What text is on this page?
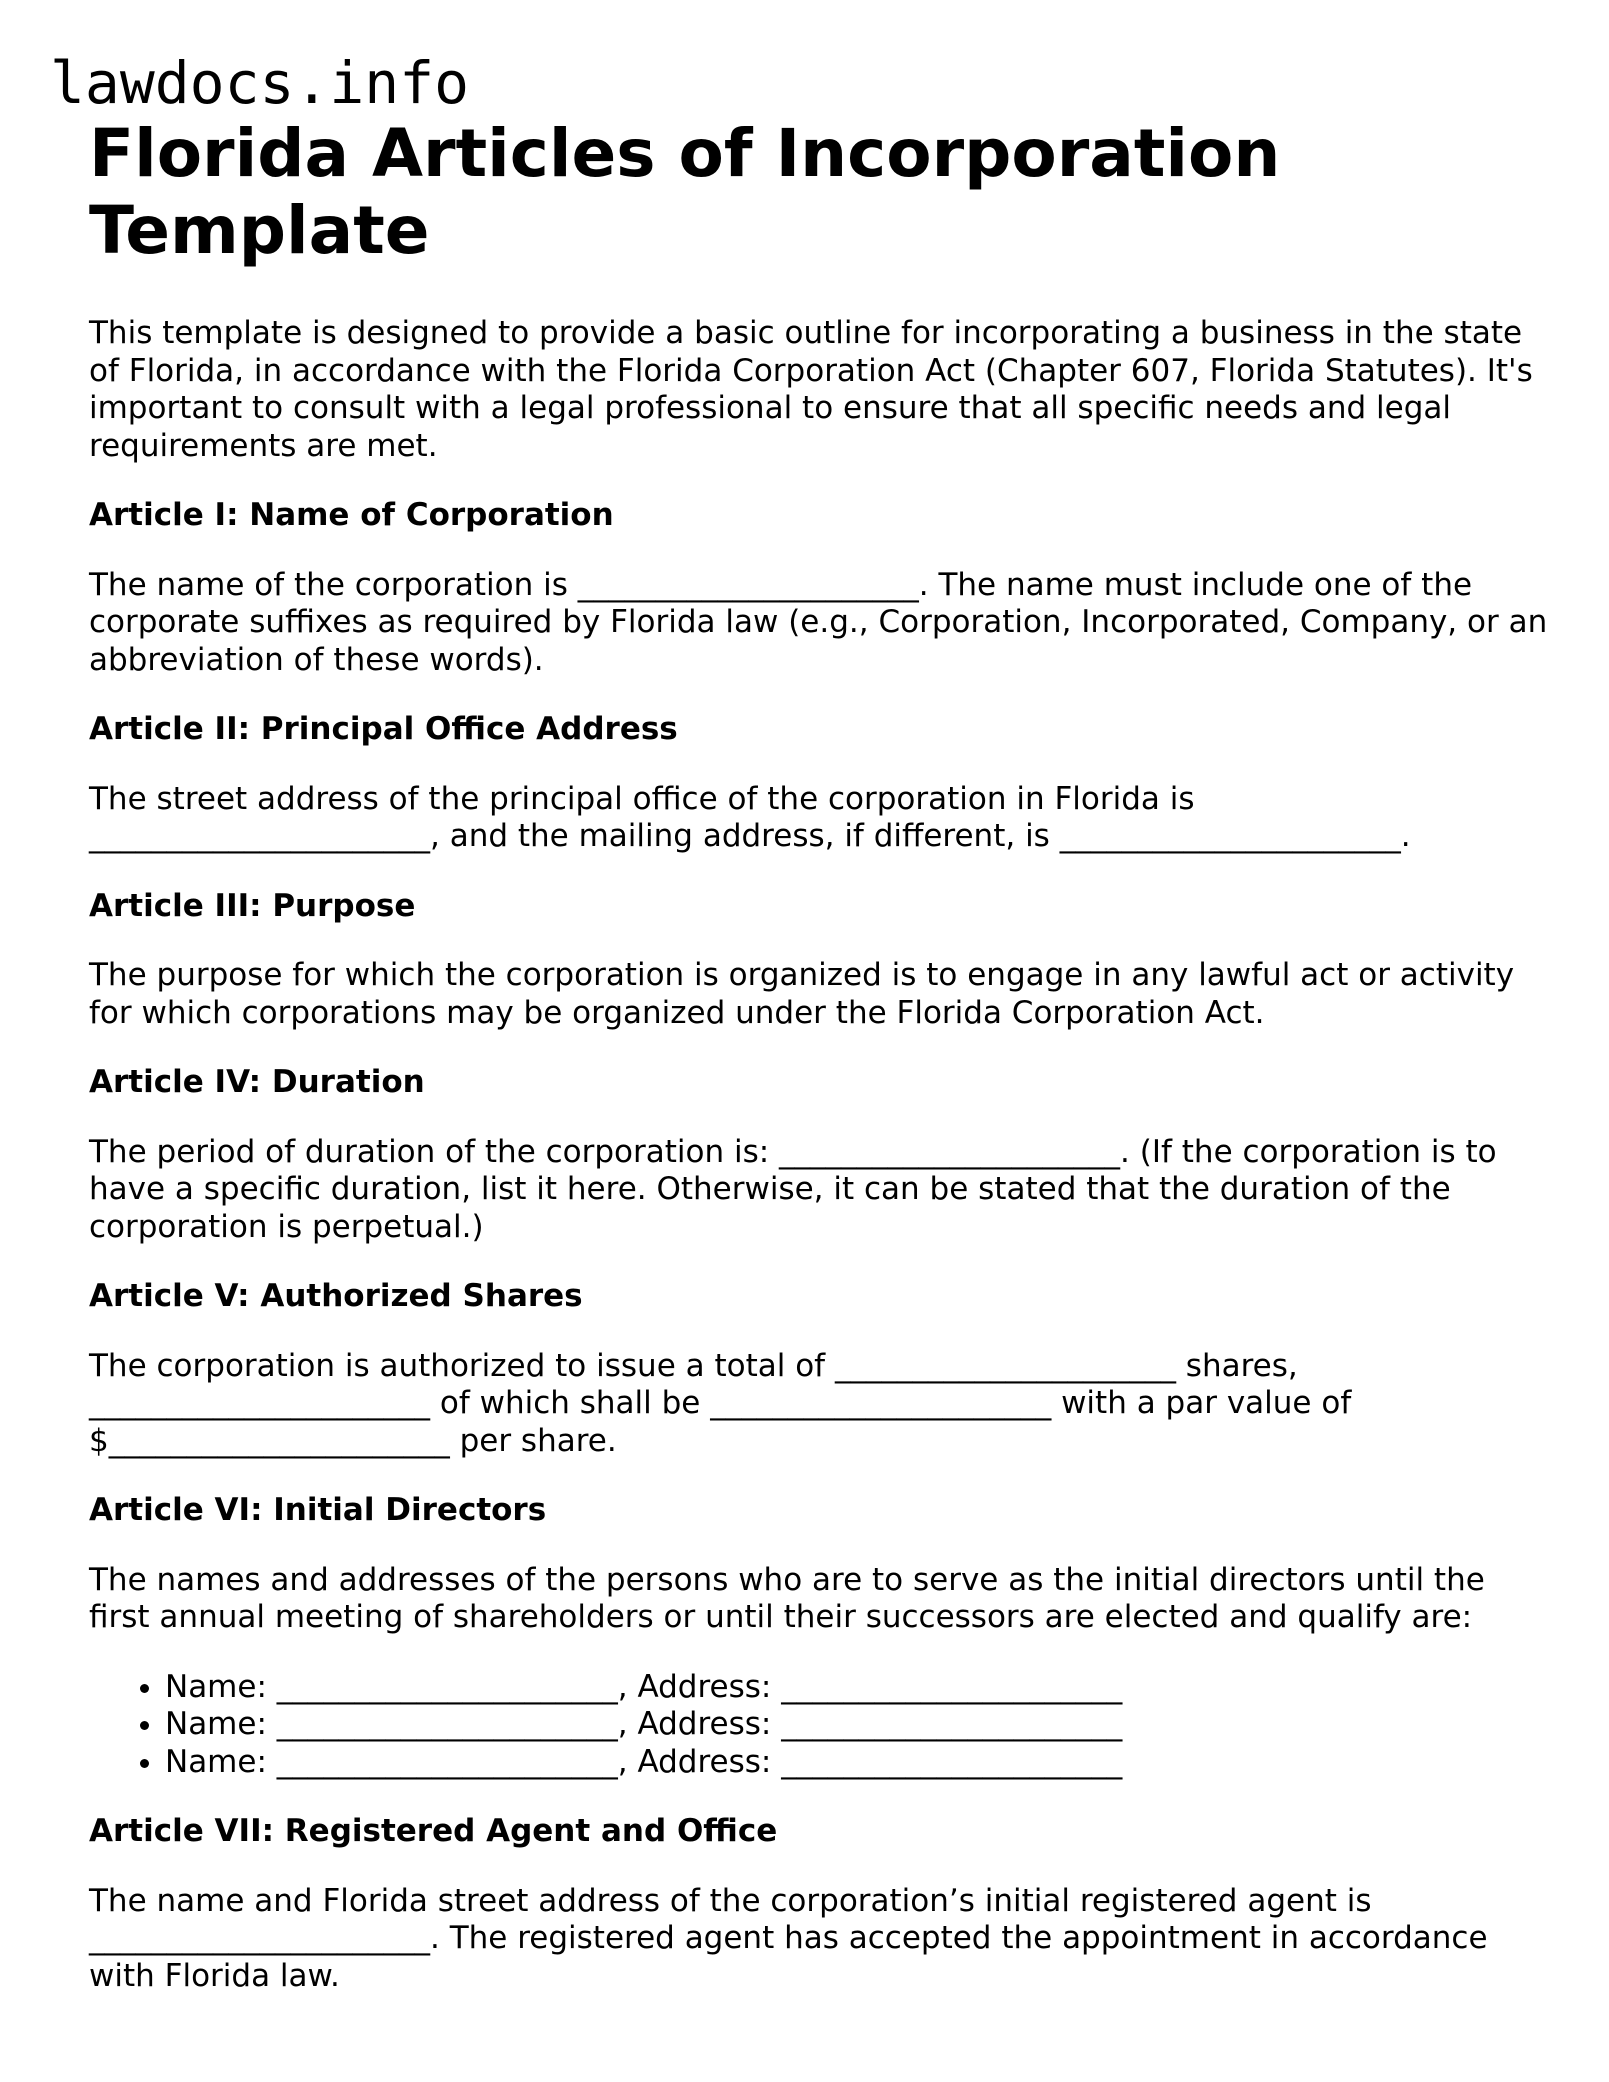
lawdocs.info
Florida Articles of Incorporation Template

This template is designed to provide a basic outline for incorporating a business in the state of Florida, in accordance with the Florida Corporation Act (Chapter 607, Florida Statutes). It's important to consult with a legal professional to ensure that all specific needs and legal requirements are met.

Article I: Name of Corporation

The name of the corporation is ______________________. The name must include one of the corporate suffixes as required by Florida law (e.g., Corporation, Incorporated, Company, or an abbreviation of these words).

Article II: Principal Office Address

The street address of the principal office of the corporation in Florida is ______________________, and the mailing address, if different, is ______________________.

Article III: Purpose

The purpose for which the corporation is organized is to engage in any lawful act or activity for which corporations may be organized under the Florida Corporation Act.

Article IV: Duration

The period of duration of the corporation is: ______________________. (If the corporation is to have a specific duration, list it here. Otherwise, it can be stated that the duration of the corporation is perpetual.)

Article V: Authorized Shares

The corporation is authorized to issue a total of ______________________ shares, ______________________ of which shall be ______________________ with a par value of $______________________ per share.

Article VI: Initial Directors

The names and addresses of the persons who are to serve as the initial directors until the first annual meeting of shareholders or until their successors are elected and qualify are:

• Name: ______________________, Address: ______________________
• Name: ______________________, Address: ______________________
• Name: ______________________, Address: ______________________
Article VII: Registered Agent and Office

The name and Florida street address of the corporation’s initial registered agent is ______________________. The registered agent has accepted the appointment in accordance with Florida law.
